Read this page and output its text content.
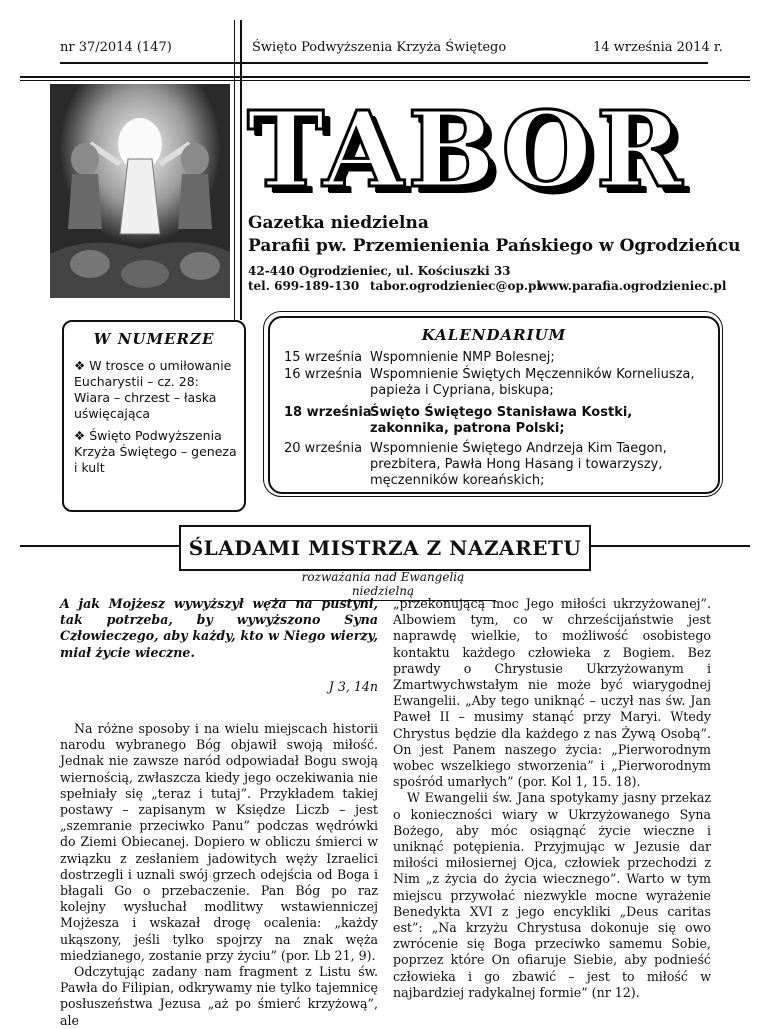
nr 37/2014 (147)	Święto Podwyższenia Krzyża Świętego	14 września 2014 r.
TABOR
Gazetka niedzielna
Parafii pw. Przemienienia Pańskiego w Ogrodzieńcu
42-440 Ogrodzieniec, ul. Kościuszki 33
tel. 699-189-130 tabor.ogrodzieniec@op.pl
www.parafia.ogrodzieniec.pl
W NUMERZE
❖ W trosce o umiłowanie Eucharystii – cz. 28: Wiara – chrzest – łaska uświęcająca
❖ Święto Podwyższenia Krzyża Świętego – geneza i kult
KALENDARIUM
15 września Wspomnienie NMP Bolesnej;
16 września Wspomnienie Świętych Męczenników Korneliusza, papieża i Cypriana, biskupa;
18 września
Święto Świętego Stanisława Kostki, zakonnika, patrona Polski;
20 września Wspomnienie Świętego Andrzeja Kim Taegon, prezbitera, Pawła Hong Hasang i towarzyszy, męczenników koreańskich;
ŚLADAMI MISTRZA Z NAZARETU
rozważania nad Ewangelią niedzielną
A jak Mojżesz wywyższył węża na pustyni, tak potrzeba, by wywyższono Syna Człowieczego, aby każdy, kto w Niego wierzy, miał życie wieczne.
J 3, 14n

Na różne sposoby i na wielu miejscach historii narodu wybranego Bóg objawił swoją miłość. Jednak nie zawsze naród odpowiadał Bogu swoją wiernością, zwłaszcza kiedy jego oczekiwania nie spełniały się „teraz i tutaj”. Przykładem takiej postawy – zapisanym w Księdze Liczb – jest „szemranie przeciwko Panu” podczas wędrówki do Ziemi Obiecanej. Dopiero w obliczu śmierci w związku z zesłaniem jadowitych węży Izraelici dostrzegli i uznali swój grzech odejścia od Boga i błagali Go o przebaczenie. Pan Bóg po raz kolejny wysłuchał modlitwy wstawienniczej Mojżesza i wskazał drogę ocalenia: „każdy ukąszony, jeśli tylko spojrzy na znak węża miedzianego, zostanie przy życiu” (por. Lb 21, 9).

Odczytując zadany nam fragment z Listu św. Pawła do Filipian, odkrywamy nie tylko tajemnicę posłuszeństwa Jezusa „aż po śmierć krzyżową”, ale

„przekonującą moc Jego miłości ukrzyżowanej”. Albowiem tym, co w chrześcijaństwie jest naprawdę wielkie, to możliwość osobistego kontaktu każdego człowieka z Bogiem. Bez prawdy o Chrystusie Ukrzyżowanym i Zmartwychwstałym nie może być wiarygodnej Ewangelii. „Aby tego uniknąć – uczył nas św. Jan Paweł II – musimy stanąć przy Maryi. Wtedy Chrystus będzie dla każdego z nas Żywą Osobą”. On jest Panem naszego życia: „Pierworodnym wobec wszelkiego stworzenia” i „Pierworodnym spośród umarłych” (por. Kol 1, 15. 18).

W Ewangelii św. Jana spotykamy jasny przekaz o konieczności wiary w Ukrzyżowanego Syna Bożego, aby móc osiągnąć życie wieczne i uniknąć potępienia. Przyjmując w Jezusie dar miłości miłosiernej Ojca, człowiek przechodzi z Nim „z życia do życia wiecznego”. Warto w tym miejscu przywołać niezwykle mocne wyrażenie Benedykta XVI z jego encykliki „Deus caritas est”: „Na krzyżu Chrystusa dokonuje się owo zwrócenie się Boga przeciwko samemu Sobie, poprzez które On ofiaruje Siebie, aby podnieść człowieka i go zbawić – jest to miłość w najbardziej radykalnej formie” (nr 12).
